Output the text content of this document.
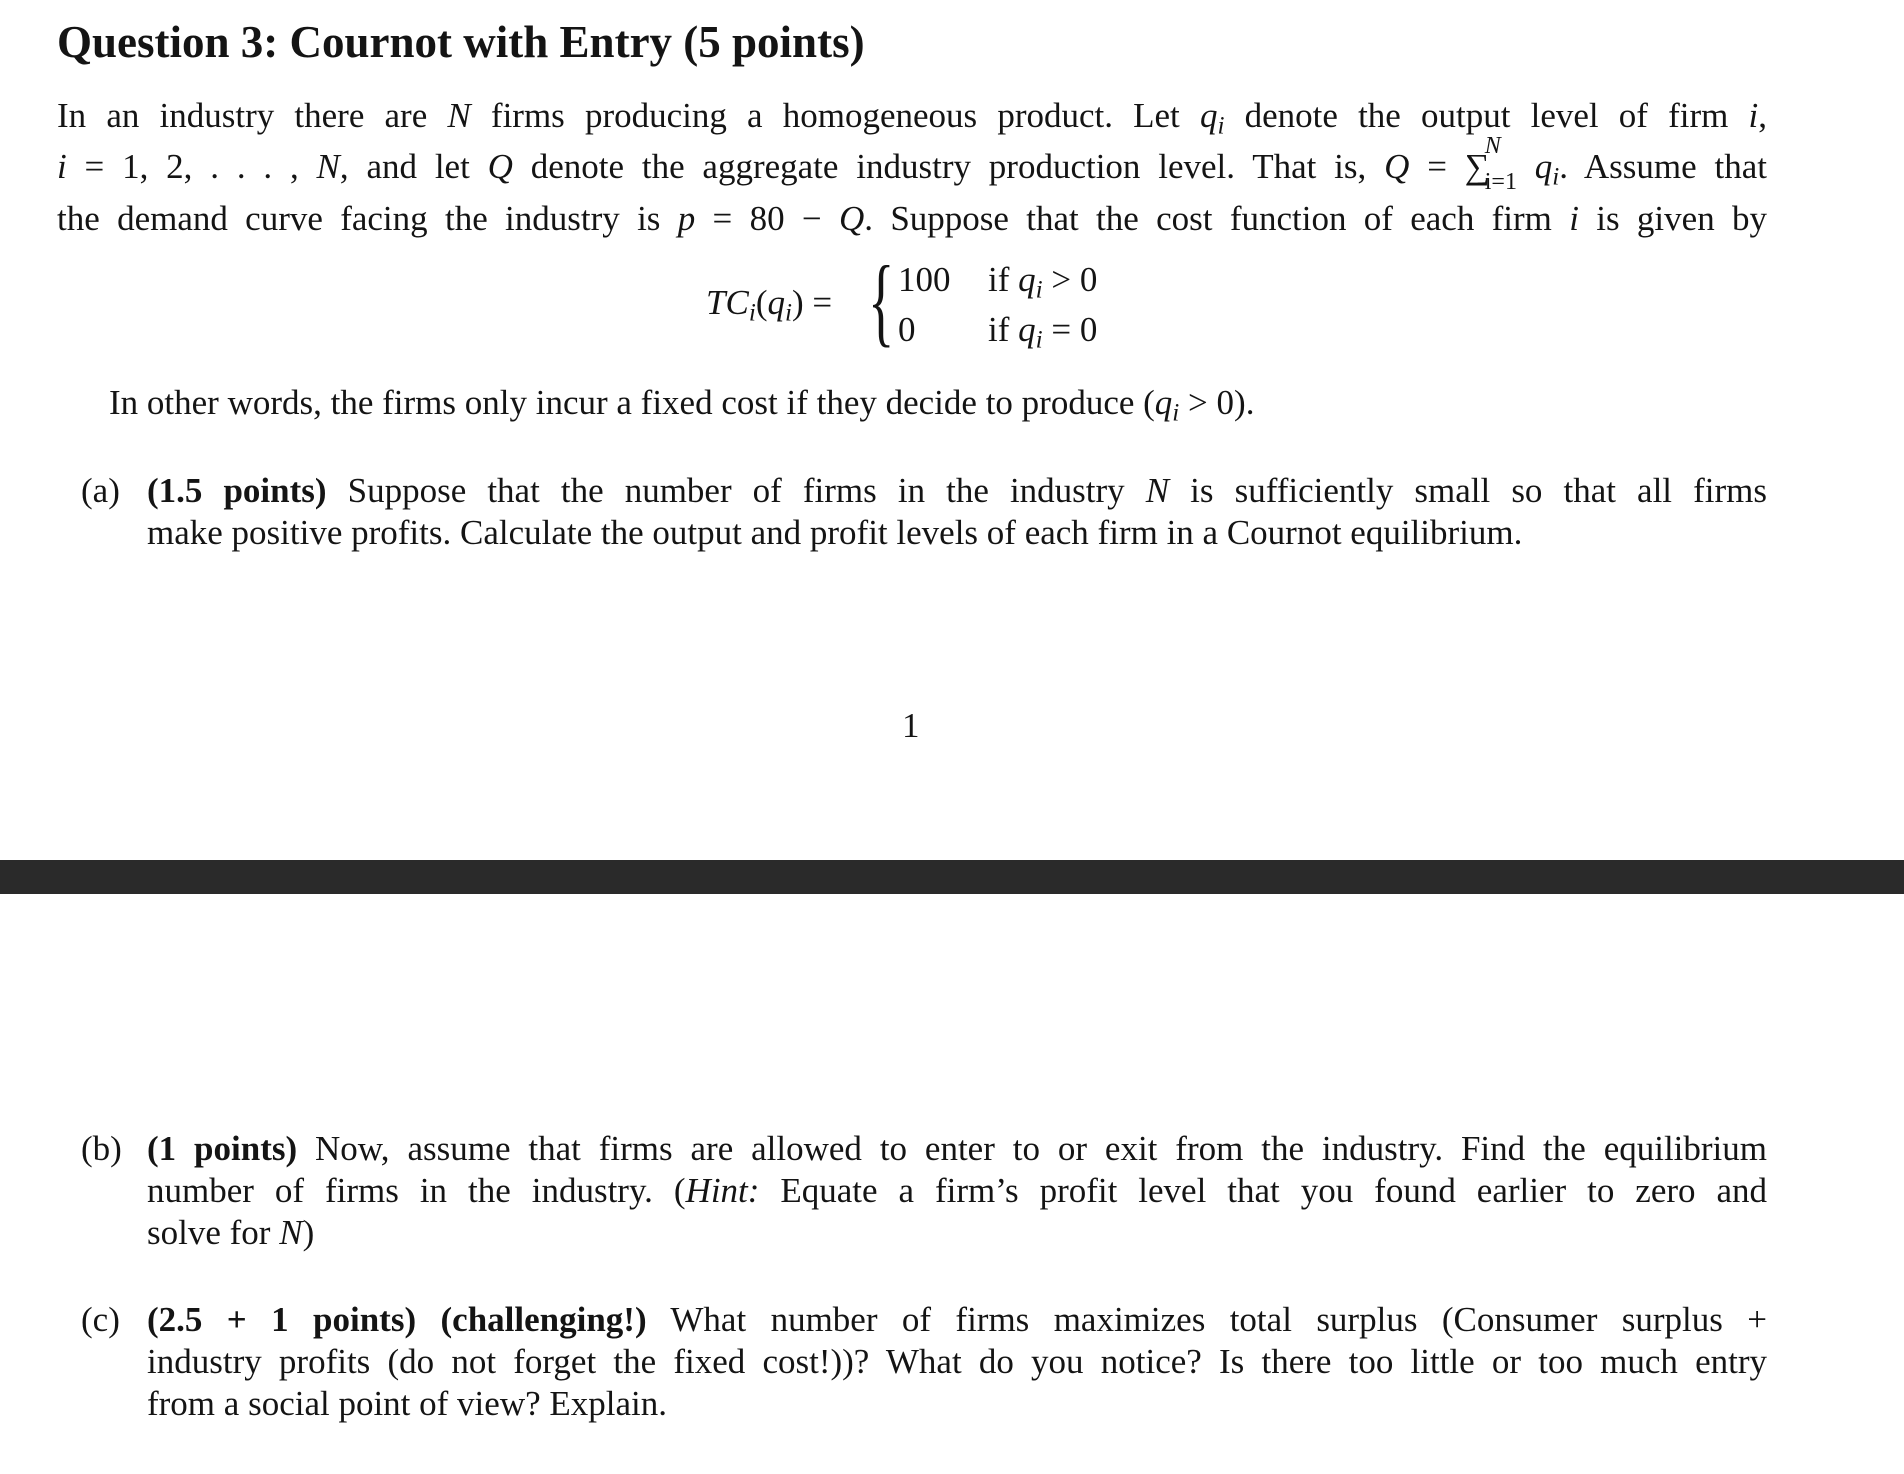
Question 3: Cournot with Entry (5 points)
In an industry there are N firms producing a homogeneous product. Let $q_i$ denote the output level of firm i,
i = 1, 2, . . . , N, and let Q denote the aggregate industry production level. That is, Q = ∑
N
i=1 $q_i$. Assume that
the demand curve facing the industry is p = 80 − Q. Suppose that the cost function of each firm i is given by
$TC_i(q_i)$ = { 100 if $q_i > 0$
0 if $q_i = 0$
In other words, the firms only incur a fixed cost if they decide to produce $(q_i > 0)$.
(a) (1.5 points) Suppose that the number of firms in the industry N is sufficiently small so that all firms
make positive profits. Calculate the output and profit levels of each firm in a Cournot equilibrium.
1
(b) (1 points) Now, assume that firms are allowed to enter to or exit from the industry. Find the equilibrium
number of firms in the industry. (Hint: Equate a firm’s profit level that you found earlier to zero and
solve for N)
(c) (2.5 + 1 points) (challenging!) What number of firms maximizes total surplus (Consumer surplus +
industry profits (do not forget the fixed cost!))? What do you notice? Is there too little or too much entry
from a social point of view? Explain.
